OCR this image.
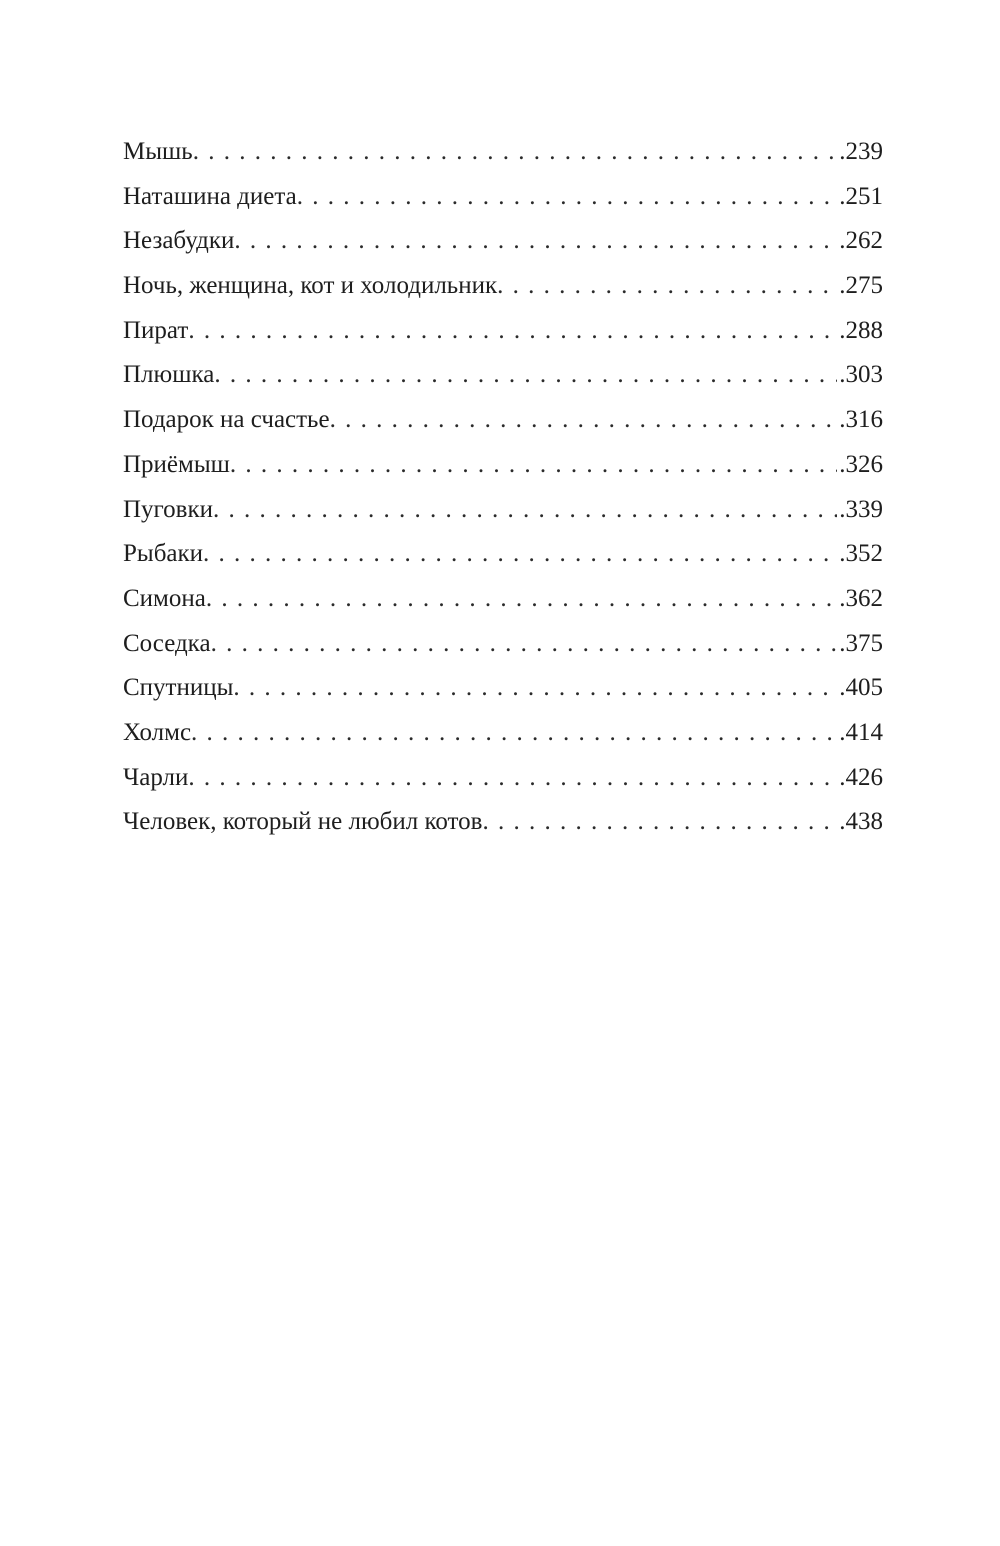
Мышь . . .	. 239
Наташина диета . . .	. 251
Незабудки . . .	. 262
Ночь, женщина, кот и холодильник . . .	. 275
Пират . . .	. 288
Плюшка . . .	. 303
Подарок на счастье . . .	. 316
Приёмыш . . .	. 326
Пуговки . . .	. 339
Рыбаки . . .	. 352
Симона . . .	. 362
Соседка . . .	. 375
Спутницы . . .	. 405
Холмс . . .	. 414
Чарли . . .	. 426
Человек, который не любил котов . . .	. 438
